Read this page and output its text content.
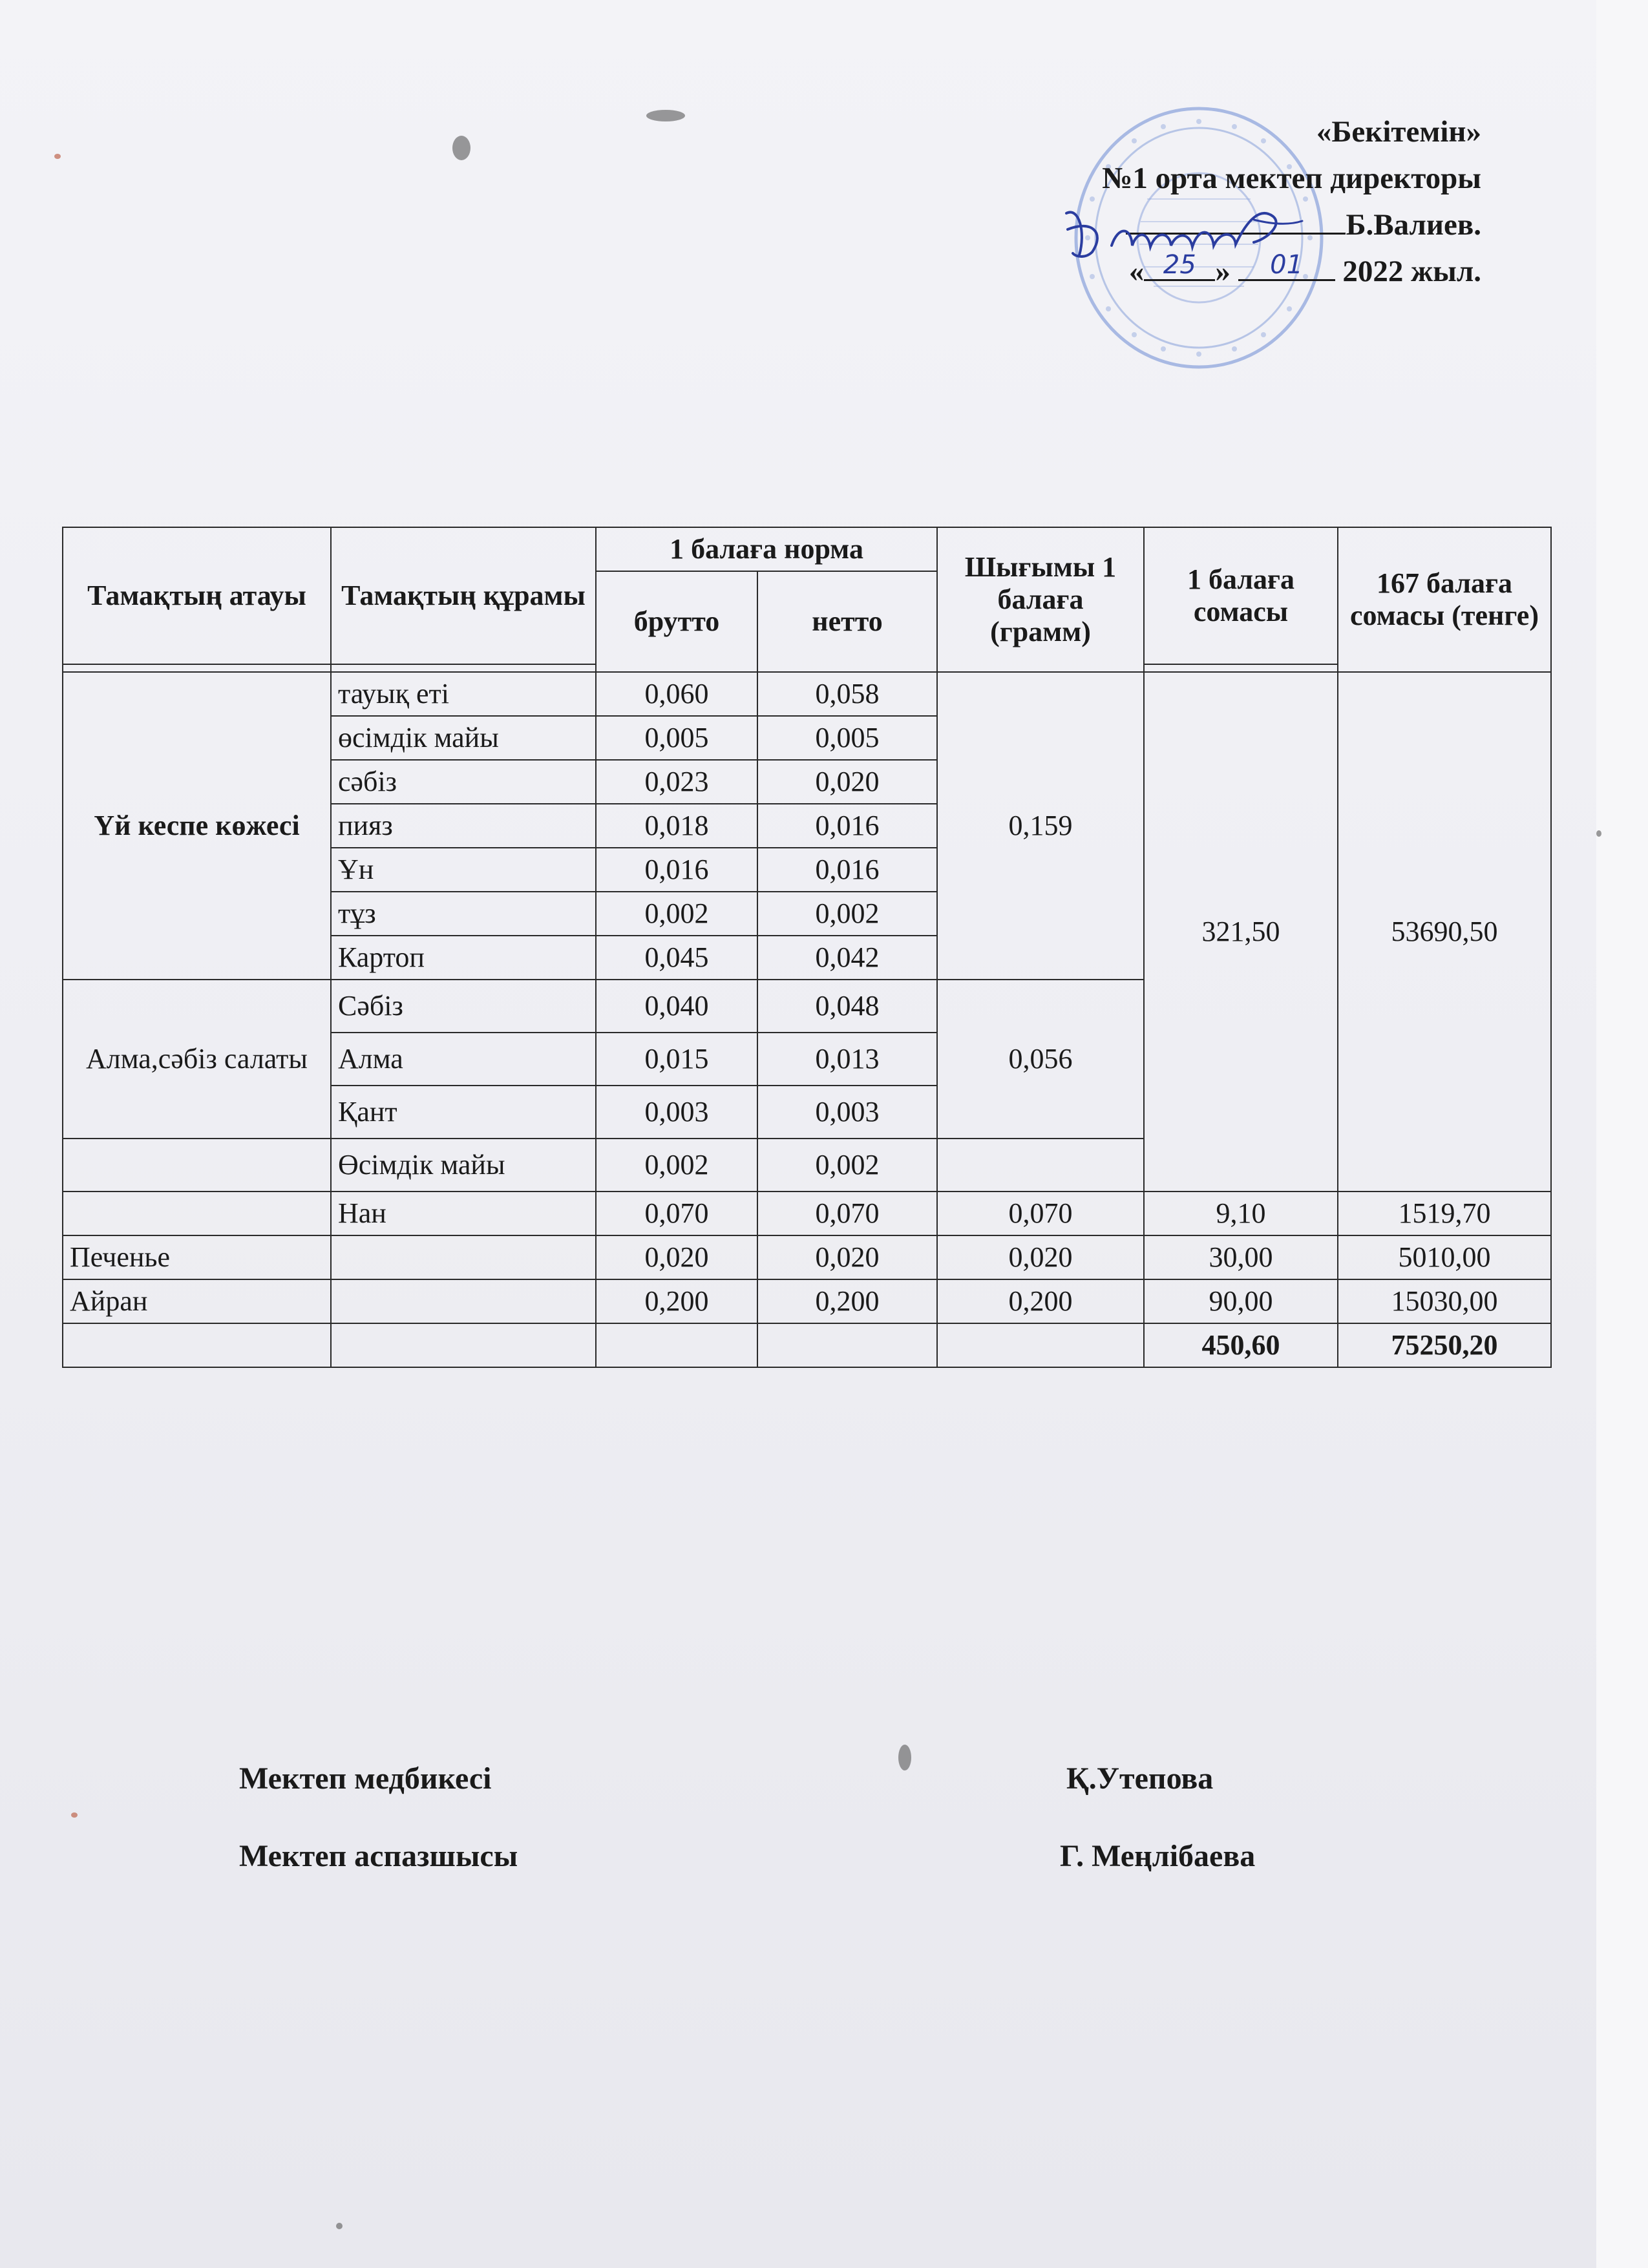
«Бекітемін»
№1 орта мектеп директоры
Б.Валиев.
« 25 »	01	2022 жыл.
Тамақтың атауы	Тамақтың құрамы	1 балаға норма		Шығымы 1 балаға (грамм)	1 балаға сомасы	167 балаға сомасы (тенге)
		брутто	нетто			

Үй кеспе көжесі	тауық еті	0,060	0,058	0,159	321,50	53690,50
	өсімдік майы	0,005	0,005			
	сәбіз	0,023	0,020			
	пияз	0,018	0,016			
	Ұн	0,016	0,016			
	тұз	0,002	0,002			
	Картоп	0,045	0,042			
Алма,сәбіз салаты	Сәбіз	0,040	0,048	0,056		
	Алма	0,015	0,013			
	Қант	0,003	0,003			
	Өсімдік майы	0,002	0,002			
	Нан	0,070	0,070	0,070	9,10	1519,70
Печенье		0,020	0,020	0,020	30,00	5010,00
Айран		0,200	0,200	0,200	90,00	15030,00
					450,60	75250,20
Мектеп медбикесі	Қ.Утепова
Мектеп аспазшысы	Г. Меңлібаева
